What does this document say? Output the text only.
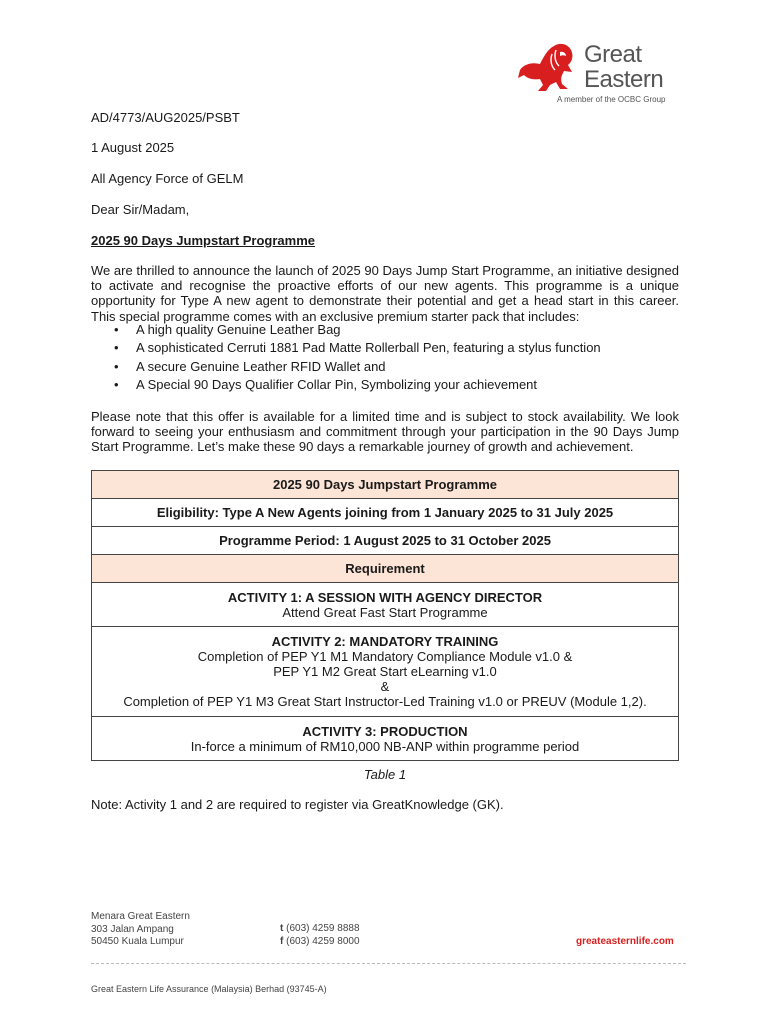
Great
Eastern
A member of the OCBC Group
AD/4773/AUG2025/PSBT
1 August 2025
All Agency Force of GELM
Dear Sir/Madam,
2025 90 Days Jumpstart Programme
We are thrilled to announce the launch of 2025 90 Days Jump Start Programme, an initiative designed to activate and recognise the proactive efforts of our new agents. This programme is a unique opportunity for Type A new agent to demonstrate their potential and get a head start in this career. This special programme comes with an exclusive premium starter pack that includes:
• A high quality Genuine Leather Bag
• A sophisticated Cerruti 1881 Pad Matte Rollerball Pen, featuring a stylus function
• A secure Genuine Leather RFID Wallet and
• A Special 90 Days Qualifier Collar Pin, Symbolizing your achievement
Please note that this offer is available for a limited time and is subject to stock availability. We look forward to seeing your enthusiasm and commitment through your participation in the 90 Days Jump Start Programme. Let’s make these 90 days a remarkable journey of growth and achievement.
2025 90 Days Jumpstart Programme
Eligibility: Type A New Agents joining from 1 January 2025 to 31 July 2025
Programme Period: 1 August 2025 to 31 October 2025
Requirement

ACTIVITY 1: A SESSION WITH AGENCY DIRECTOR
Attend Great Fast Start Programme

ACTIVITY 2: MANDATORY TRAINING
Completion of PEP Y1 M1 Mandatory Compliance Module v1.0 &
PEP Y1 M2 Great Start eLearning v1.0
&
Completion of PEP Y1 M3 Great Start Instructor-Led Training v1.0 or PREUV (Module 1,2).

ACTIVITY 3: PRODUCTION
In-force a minimum of RM10,000 NB-ANP within programme period
Table 1
Note: Activity 1 and 2 are required to register via GreatKnowledge (GK).
Menara Great Eastern
303 Jalan Ampang
50450 Kuala Lumpur
t (603) 4259 8888
f (603) 4259 8000	greateasternlife.com
Great Eastern Life Assurance (Malaysia) Berhad (93745-A)
